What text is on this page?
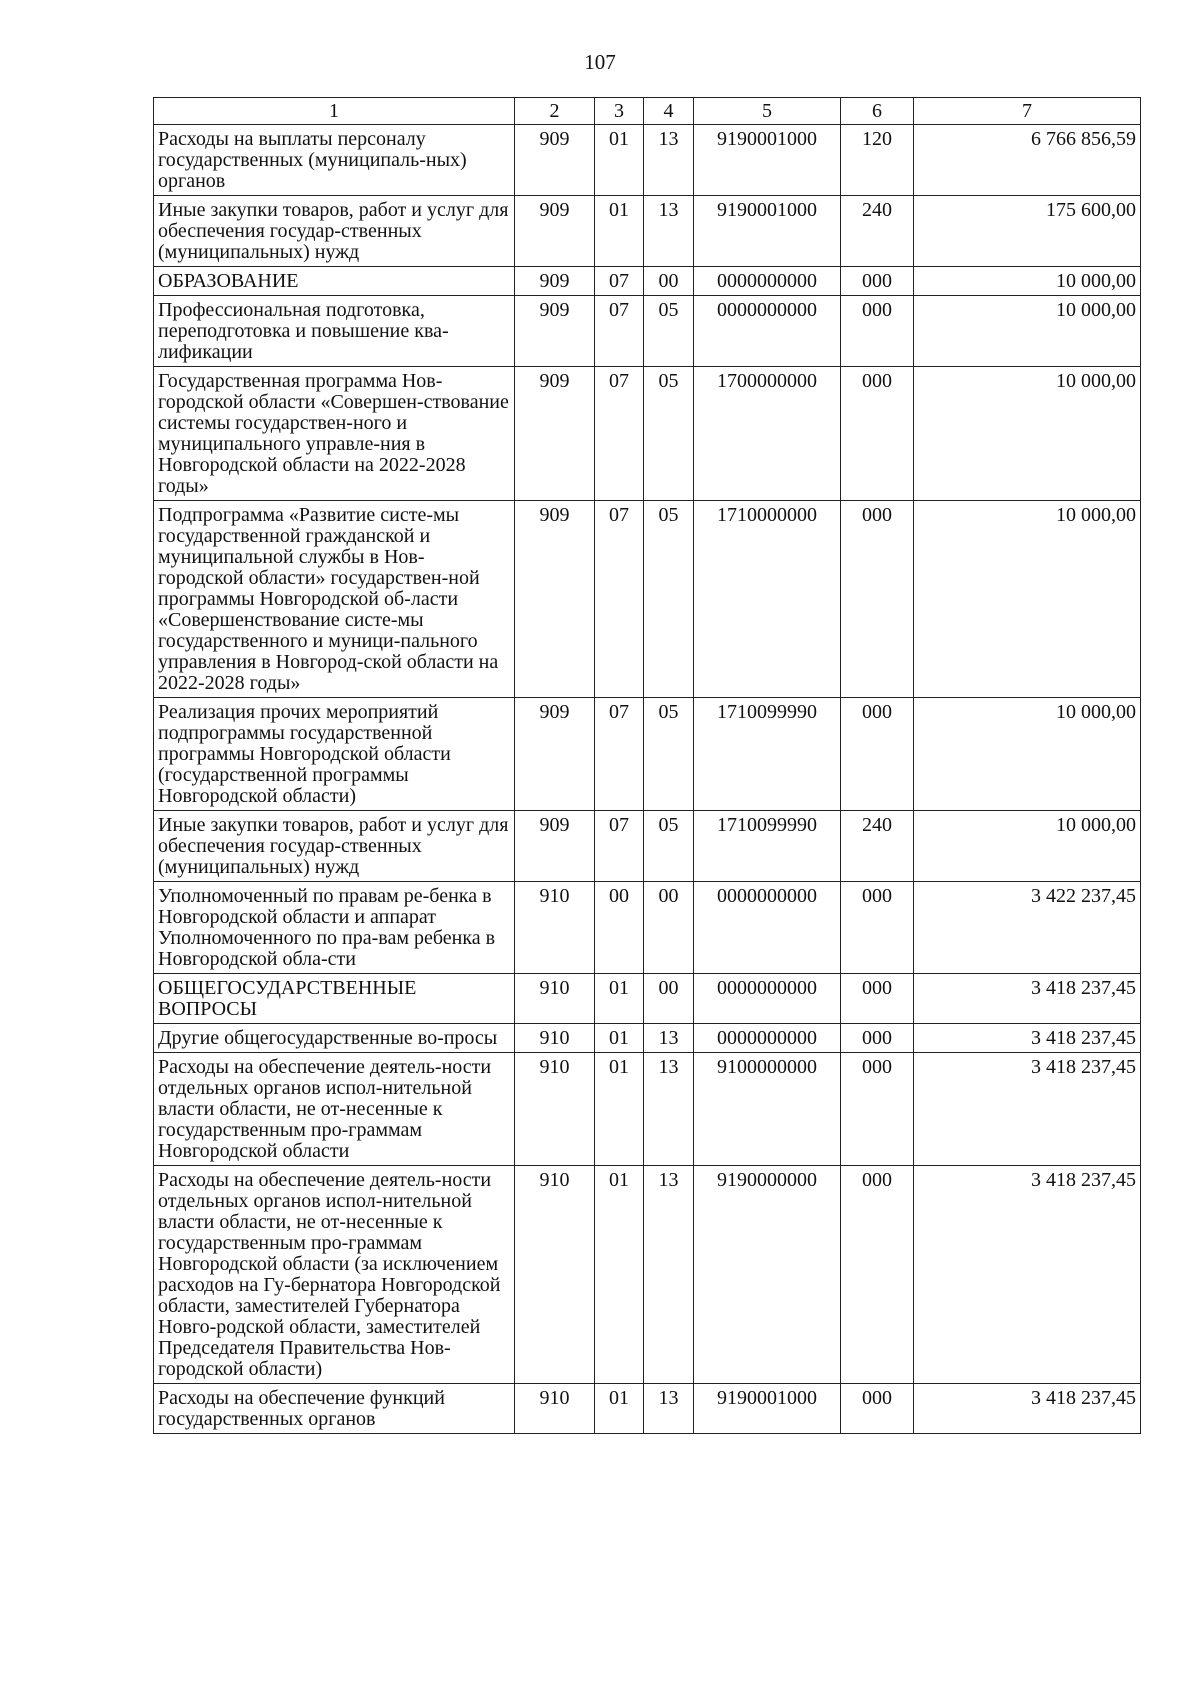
107
1	2	3	4	5	6	7
Расходы на выплаты персоналу государственных (муниципаль-ных) органов	909	01	13	9190001000	120	6 766 856,59
Иные закупки товаров, работ и услуг для обеспечения государ-ственных (муниципальных) нужд	909	01	13	9190001000	240	175 600,00
ОБРАЗОВАНИЕ	909	07	00	0000000000	000	10 000,00
Профессиональная подготовка, переподготовка и повышение ква-лификации	909	07	05	0000000000	000	10 000,00
Государственная программа Нов-городской области «Совершен-ствование системы государствен-ного и муниципального управле-ния в Новгородской области на 2022-2028 годы»	909	07	05	1700000000	000	10 000,00
Подпрограмма «Развитие систе-мы государственной гражданской и муниципальной службы в Нов-городской области» государствен-ной программы Новгородской об-ласти «Совершенствование систе-мы государственного и муници-пального управления в Новгород-ской области на 2022-2028 годы»	909	07	05	1710000000	000	10 000,00
Реализация прочих мероприятий подпрограммы государственной программы Новгородской области (государственной программы Новгородской области)	909	07	05	1710099990	000	10 000,00
Иные закупки товаров, работ и услуг для обеспечения государ-ственных (муниципальных) нужд	909	07	05	1710099990	240	10 000,00
Уполномоченный по правам ре-бенка в Новгородской области и аппарат Уполномоченного по пра-вам ребенка в Новгородской обла-сти	910	00	00	0000000000	000	3 422 237,45
ОБЩЕГОСУДАРСТВЕННЫЕ ВОПРОСЫ	910	01	00	0000000000	000	3 418 237,45
Другие общегосударственные во-просы	910	01	13	0000000000	000	3 418 237,45
Расходы на обеспечение деятель-ности отдельных органов испол-нительной власти области, не от-несенные к государственным про-граммам Новгородской области	910	01	13	9100000000	000	3 418 237,45
Расходы на обеспечение деятель-ности отдельных органов испол-нительной власти области, не от-несенные к государственным про-граммам Новгородской области (за исключением расходов на Гу-бернатора Новгородской области, заместителей Губернатора Новго-родской области, заместителей Председателя Правительства Нов-городской области)	910	01	13	9190000000	000	3 418 237,45
Расходы на обеспечение функций государственных органов	910	01	13	9190001000	000	3 418 237,45
